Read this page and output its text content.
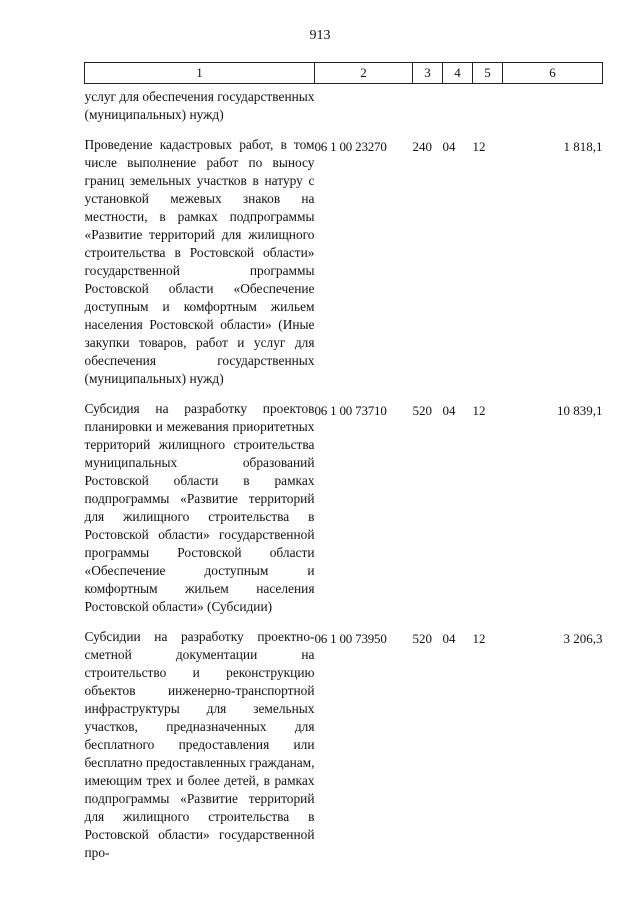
913
1	2	3	4	5	6
услуг для обеспечения государственных (муниципальных) нужд)					
Проведение кадастровых работ, в том числе выполнение работ по выносу границ земельных участков в натуру с установкой межевых знаков на местности, в рамках подпрограммы «Развитие территорий для жилищного строительства в Ростовской области» государственной программы Ростовской области «Обеспечение доступным и комфортным жильем населения Ростовской области» (Иные закупки товаров, работ и услуг для обеспечения государственных (муниципальных) нужд)	06 1 00 23270	240	04	12	1 818,1
Субсидия на разработку проектов планировки и межевания приоритетных территорий жилищного строительства муниципальных образований Ростовской области в рамках подпрограммы «Развитие территорий для жилищного строительства в Ростовской области» государственной программы Ростовской области «Обеспечение доступным и комфортным жильем населения Ростовской области» (Субсидии)	06 1 00 73710	520	04	12	10 839,1
Субсидии на разработку проектно-сметной документации на строительство и реконструкцию объектов инженерно-транспортной инфраструктуры для земельных участков, предназначенных для бесплатного предоставления или бесплатно предоставленных гражданам, имеющим трех и более детей, в рамках подпрограммы «Развитие территорий для жилищного строительства в Ростовской области» государственной про-	06 1 00 73950	520	04	12	3 206,3
